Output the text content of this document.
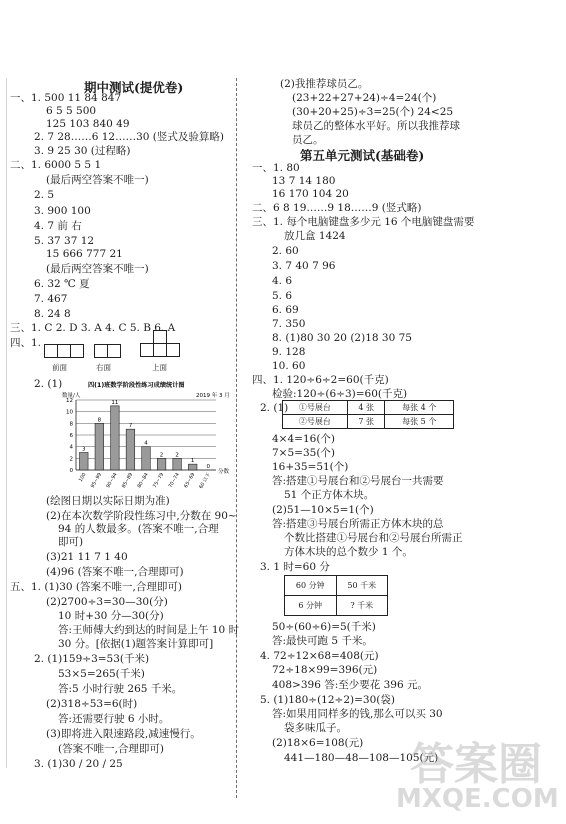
期中测试(提优卷)
一、1. 500 11 84 847
6 5 5 500
125 103 840 49
2. 7 28……6 12……30 (竖式及验算略)
3. 9 25 30 (过程略)
二、1. 6000 5 5 1
(最后两空答案不唯一)
2. 5
3. 900 100
4. 7 前 右
5. 37 37 12
15 666 777 21
(最后两空答案不唯一)
6. 32 ℃ 夏
7. 467
8. 24 8
三、1. C 2. D 3. A 4. C 5. B 6. A
四、1.
前面	右面	上面
2. (1)	四(1)班数学阶段性练习成绩统计图
2019 年 3 月
数量/人
0
2
4
6
8
10
12
3
100
8
95~99
11
90~94
7
85~89
4
80~84
2
75~79
2
70~74
1
65~69
0
60 以下
分数
(绘图日期以实际日期为准)
(2)在本次数学阶段性练习中,分数在 90~
94 的人数最多。(答案不唯一,合理
即可)
(3)21 11 7 1 40
(4)96 (答案不唯一,合理即可)
五、1. (1)30 (答案不唯一,合理即可)
(2)2700÷3=30—30(分)
10 时+30 分—30(分)
答:王师傅大约到达的时间是上午 10 时
30 分。[依据(1)题答案计算即可]
2. (1)159÷3=53(千米)
53×5=265(千米)
答:5 小时行驶 265 千米。
(2)318÷53=6(时)
答:还需要行驶 6 小时。
(3)即将进入限速路段,减速慢行。
(答案不唯一,合理即可)
3. (1)30 / 20 / 25
(2)我推荐球员乙。
(23+22+27+24)÷4=24(个)
(30+20+25)÷3=25(个) 24<25
球员乙的整体水平好。所以我推荐球
员乙。
第五单元测试(基础卷)
一、1. 80
13 7 14 180
16 170 104 20
二、6 8 19……9 18……9 (竖式略)
三、1. 每个电脑键盘多少元 16 个电脑键盘需要
放几盒 1424
2. 60
3. 7 40 7 96
4. 6
5. 6
6. 69
7. 350
8. (1)80 30 20 (2)18 30 75
9. 128
10. 60
四、1. 120÷6÷2=60(千克)
检验:120÷(6÷3)=60(千克)
2. (1) ①号展台	4 张	每张 4 个
②号展台	7 张	每张 5 个
4×4=16(个)
7×5=35(个)
16+35=51(个)
答:搭建①号展台和②号展台一共需要
51 个正方体木块。
(2)51—10×5=1(个)
答:搭建③号展台所需正方体木块的总
个数比搭建①号展台和②号展台所需正
方体木块的总个数少 1 个。
3. 1 时=60 分
60 分钟	50 千米
6 分钟	? 千米
50÷(60÷6)=5(千米)
答:最快可跑 5 千米。
4. 72÷12×68=408(元)
72÷18×99=396(元)
408>396 答:至少要花 396 元。
5. (1)180÷(12÷2)=30(袋)
答:如果用同样多的钱,那么可以买 30
袋多味瓜子。
(2)18×6=108(元)
441—180—48—108—105(元)
答案圈
MXQE.COM
